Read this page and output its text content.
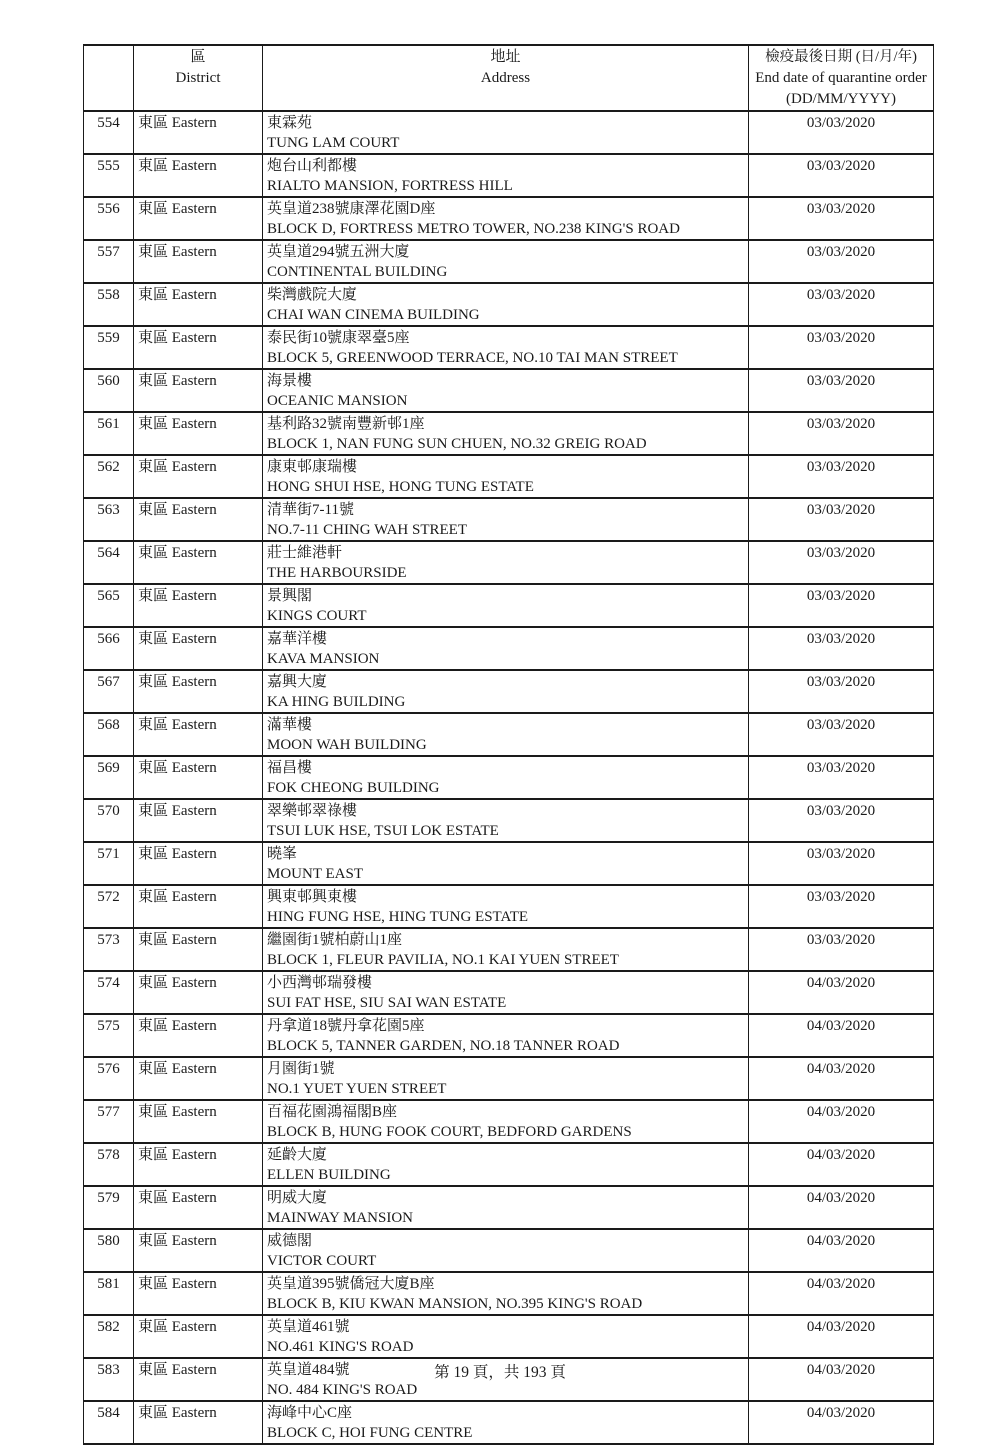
區
District

地址
Address

檢疫最後日期 (日/月/年)
End date of quarantine order
(DD/MM/YYYY)

554	東區 Eastern	東霖苑
TUNG LAM COURT	03/03/2020
555	東區 Eastern	炮台山利都樓
RIALTO MANSION, FORTRESS HILL	03/03/2020
556	東區 Eastern	英皇道238號康澤花園D座
BLOCK D, FORTRESS METRO TOWER, NO.238 KING'S ROAD	03/03/2020
557	東區 Eastern	英皇道294號五洲大廈
CONTINENTAL BUILDING	03/03/2020
558	東區 Eastern	柴灣戲院大廈
CHAI WAN CINEMA BUILDING	03/03/2020
559	東區 Eastern	泰民街10號康翠臺5座
BLOCK 5, GREENWOOD TERRACE, NO.10 TAI MAN STREET	03/03/2020
560	東區 Eastern	海景樓
OCEANIC MANSION	03/03/2020
561	東區 Eastern	基利路32號南豐新邨1座
BLOCK 1, NAN FUNG SUN CHUEN, NO.32 GREIG ROAD	03/03/2020
562	東區 Eastern	康東邨康瑞樓
HONG SHUI HSE, HONG TUNG ESTATE	03/03/2020
563	東區 Eastern	清華街7-11號
NO.7-11 CHING WAH STREET	03/03/2020
564	東區 Eastern	莊士維港軒
THE HARBOURSIDE	03/03/2020
565	東區 Eastern	景興閣
KINGS COURT	03/03/2020
566	東區 Eastern	嘉華洋樓
KAVA MANSION	03/03/2020
567	東區 Eastern	嘉興大廈
KA HING BUILDING	03/03/2020
568	東區 Eastern	滿華樓
MOON WAH BUILDING	03/03/2020
569	東區 Eastern	福昌樓
FOK CHEONG BUILDING	03/03/2020
570	東區 Eastern	翠樂邨翠祿樓
TSUI LUK HSE, TSUI LOK ESTATE	03/03/2020
571	東區 Eastern	曉峯
MOUNT EAST	03/03/2020
572	東區 Eastern	興東邨興東樓
HING FUNG HSE, HING TUNG ESTATE	03/03/2020
573	東區 Eastern	繼園街1號柏蔚山1座
BLOCK 1, FLEUR PAVILIA, NO.1 KAI YUEN STREET	03/03/2020
574	東區 Eastern	小西灣邨瑞發樓
SUI FAT HSE, SIU SAI WAN ESTATE	04/03/2020
575	東區 Eastern	丹拿道18號丹拿花園5座
BLOCK 5, TANNER GARDEN, NO.18 TANNER ROAD	04/03/2020
576	東區 Eastern	月園街1號
NO.1 YUET YUEN STREET	04/03/2020
577	東區 Eastern	百福花園鴻福閣B座
BLOCK B, HUNG FOOK COURT, BEDFORD GARDENS	04/03/2020
578	東區 Eastern	延齡大廈
ELLEN BUILDING	04/03/2020
579	東區 Eastern	明威大廈
MAINWAY MANSION	04/03/2020
580	東區 Eastern	威德閣
VICTOR COURT	04/03/2020
581	東區 Eastern	英皇道395號僑冠大廈B座
BLOCK B, KIU KWAN MANSION, NO.395 KING'S ROAD	04/03/2020
582	東區 Eastern	英皇道461號
NO.461 KING'S ROAD	04/03/2020
583	東區 Eastern	英皇道484號
NO. 484 KING'S ROAD	04/03/2020
584	東區 Eastern	海峰中心C座
BLOCK C, HOI FUNG CENTRE	04/03/2020
第 19 頁，共 193 頁
